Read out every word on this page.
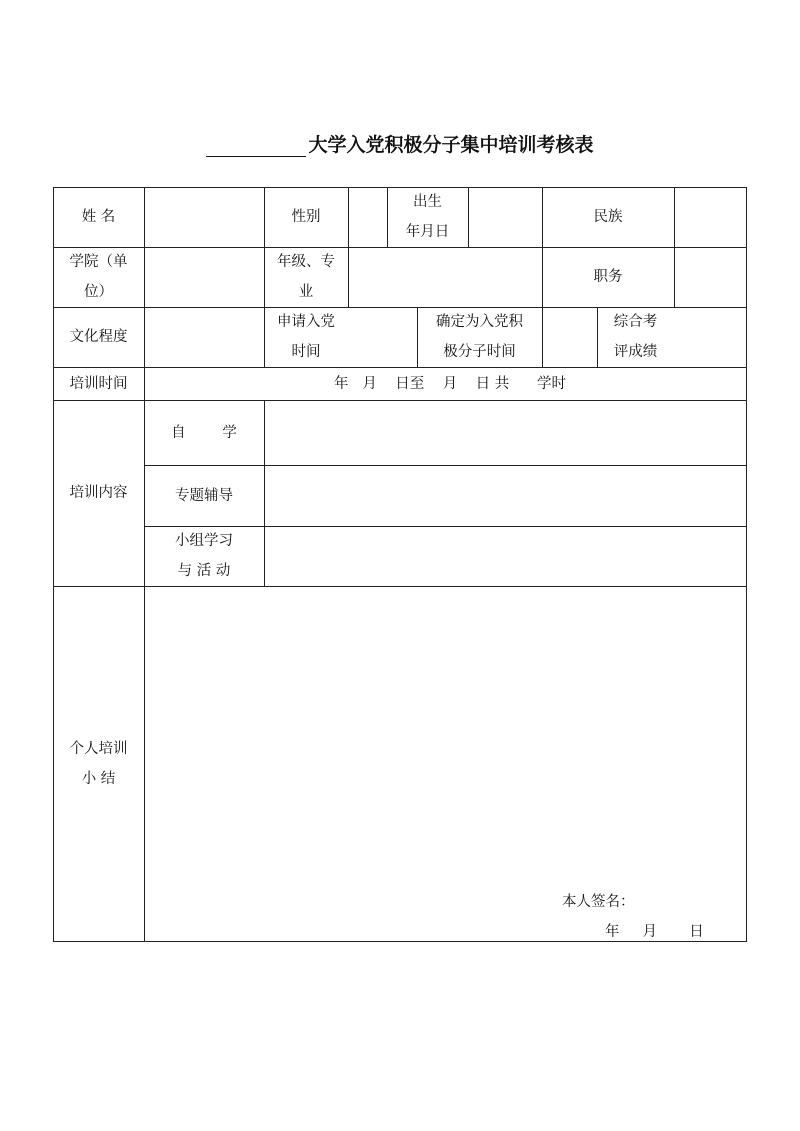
大学入党积极分子集中培训考核表
姓 名	性别
出生
年月日
民族
学院（单
位）
年级、专
业
职务
文化程度
申请入党
时间
确定为入党积
极分子时间
综合考
评成绩
培训时间	年   月    日至    月    日 共      学时
培训内容
自        学
专题辅导
小组学习
与 活 动
个人培训
小 结
本人签名：
年     月       日
